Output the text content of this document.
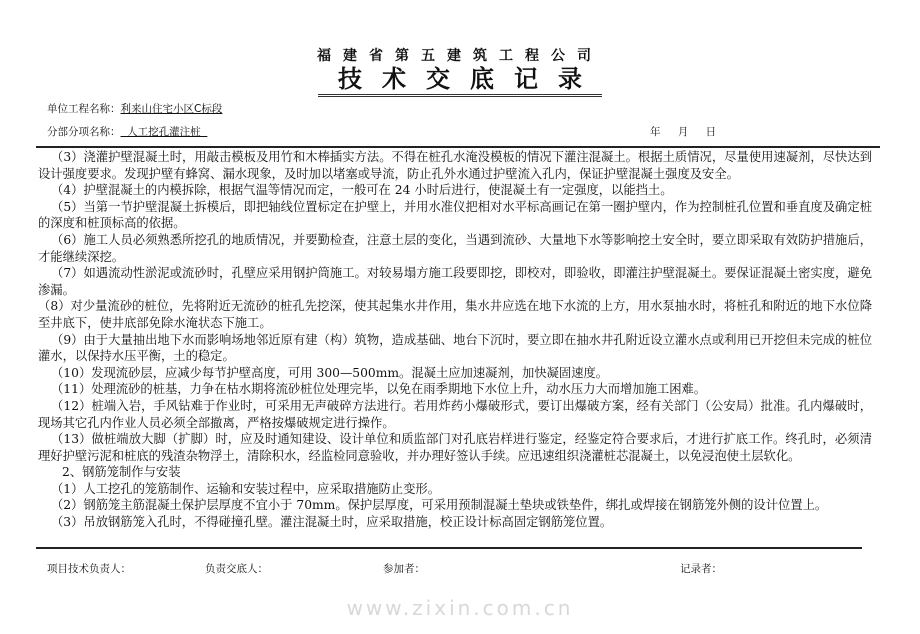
福建省第五建筑工程公司
技术交底记录
单位工程名称：利来山住宅小区C标段
分部分项名称：  人工挖孔灌注桩	年 月 日

（3）浇灌护壁混凝土时，用敲击模板及用竹和木棒插实方法。不得在桩孔水淹没模板的情况下灌注混凝土。根据土质情况，尽量使用速凝剂，尽快达到设计强度要求。发现护壁有蜂窝、漏水现象，及时加以堵塞或导流，防止孔外水通过护壁流入孔内，保证护壁混凝土强度及安全。

（4）护壁混凝土的内模拆除，根据气温等情况而定，一般可在 24 小时后进行，使混凝土有一定强度，以能挡土。

（5）当第一节护壁混凝土拆模后，即把轴线位置标定在护壁上，并用水准仪把相对水平标高画记在第一圈护壁内，作为控制桩孔位置和垂直度及确定桩的深度和桩顶标高的依据。

（6）施工人员必须熟悉所挖孔的地质情况，并要勤检查，注意土层的变化，当遇到流砂、大量地下水等影响挖土安全时，要立即采取有效防护措施后，才能继续深挖。

（7）如遇流动性淤泥或流砂时，孔壁应采用钢护筒施工。对较易塌方施工段要即挖，即校对，即验收，即灌注护壁混凝土。要保证混凝土密实度，避免渗漏。

（8）对少量流砂的桩位，先将附近无流砂的桩孔先挖深，使其起集水井作用，集水井应选在地下水流的上方，用水泵抽水时，将桩孔和附近的地下水位降至井底下，使井底部免除水淹状态下施工。

（9）由于大量抽出地下水而影响场地邻近原有建（构）筑物，造成基础、地台下沉时，要立即在抽水井孔附近设立灌水点或利用已开挖但未完成的桩位灌水，以保持水压平衡，土的稳定。

（10）发现流砂层，应减少每节护壁高度，可用 300—500mm。混凝土应加速凝剂，加快凝固速度。

（11）处理流砂的桩基，力争在枯水期将流砂桩位处理完毕，以免在雨季期地下水位上升，动水压力大而增加施工困难。

（12）桩端入岩，手风钻难于作业时，可采用无声破碎方法进行。若用炸药小爆破形式，要订出爆破方案，经有关部门（公安局）批准。孔内爆破时，现场其它孔内作业人员必须全部撤离，严格按爆破规定进行操作。

（13）做桩端放大脚（扩脚）时，应及时通知建设、设计单位和质监部门对孔底岩样进行鉴定，经鉴定符合要求后，才进行扩底工作。终孔时，必须清理好护壁污泥和桩底的残渣杂物浮土，清除积水，经监检同意验收，并办理好签认手续。应迅速组织浇灌桩芯混凝土，以免浸泡使土层软化。

2、钢筋笼制作与安装

（1）人工挖孔的笼筋制作、运输和安装过程中，应采取措施防止变形。

（2）钢筋笼主筋混凝土保护层厚度不宜小于 70mm。保护层厚度，可采用预制混凝土垫块或铁垫件，绑扎或焊接在钢筋笼外侧的设计位置上。

（3）吊放钢筋笼入孔时，不得碰撞孔壁。灌注混凝土时，应采取措施，校正设计标高固定钢筋笼位置。

项目技术负责人：	负责交底人：	参加者：	记录者：
www.zixin.com.cn
